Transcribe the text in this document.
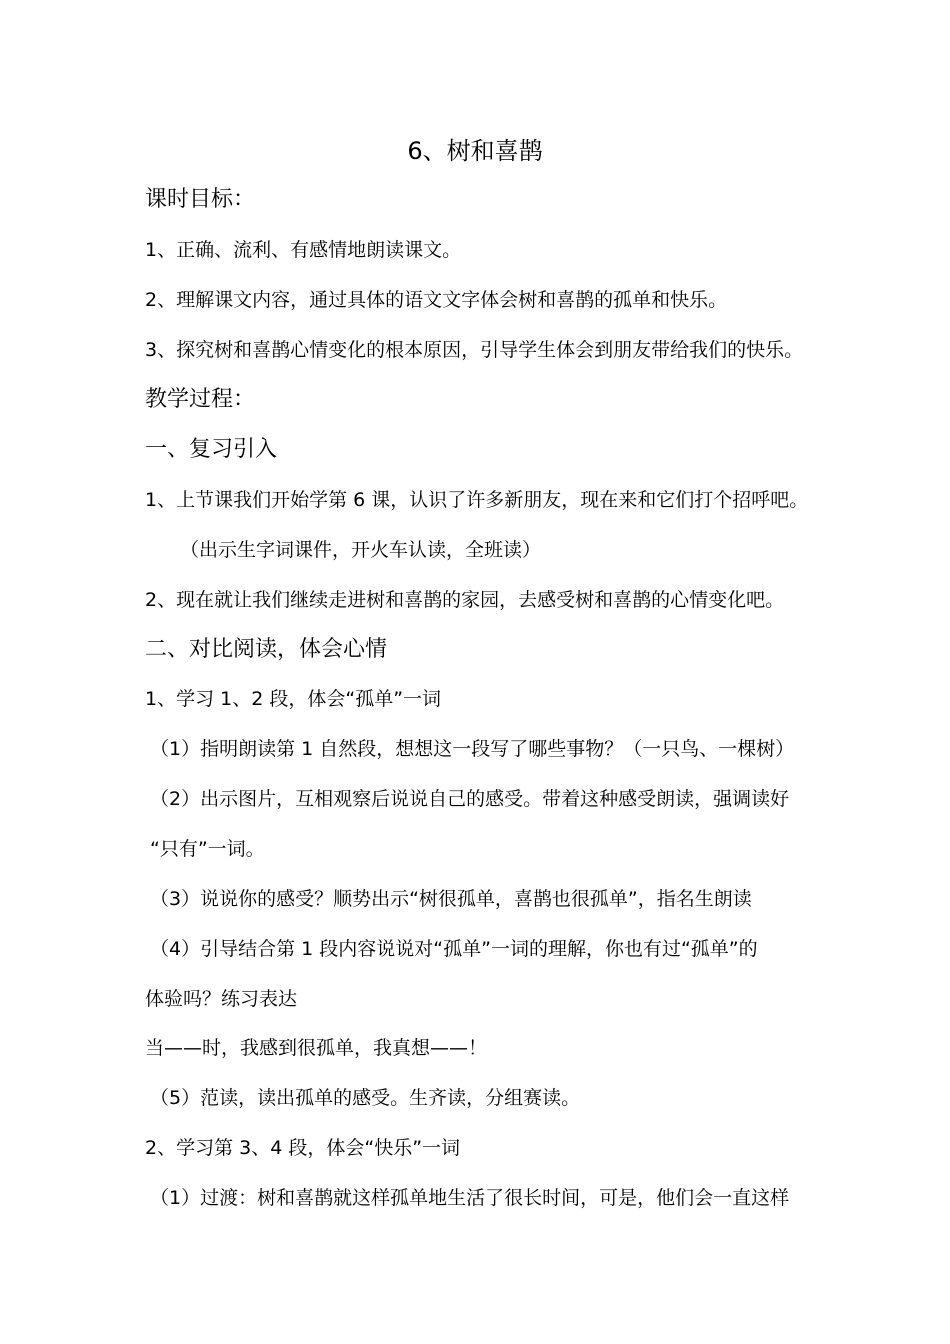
6、树和喜鹊
课时目标：
1、正确、流利、有感情地朗读课文。
2、理解课文内容，通过具体的语文文字体会树和喜鹊的孤单和快乐。
3、探究树和喜鹊心情变化的根本原因，引导学生体会到朋友带给我们的快乐。
教学过程：
一、复习引入
1、上节课我们开始学第 6 课，认识了许多新朋友，现在来和它们打个招呼吧。
（出示生字词课件，开火车认读，全班读）
2、现在就让我们继续走进树和喜鹊的家园，去感受树和喜鹊的心情变化吧。
二、对比阅读，体会心情
1、学习 1、2 段，体会“孤单”一词
（1）指明朗读第 1 自然段，想想这一段写了哪些事物？（一只鸟、一棵树）
（2）出示图片，互相观察后说说自己的感受。带着这种感受朗读，强调读好
“只有”一词。
（3）说说你的感受？顺势出示“树很孤单，喜鹊也很孤单”，指名生朗读
（4）引导结合第 1 段内容说说对“孤单”一词的理解，你也有过“孤单”的
体验吗？练习表达
当——时，我感到很孤单，我真想——！
（5）范读，读出孤单的感受。生齐读，分组赛读。
2、学习第 3、4 段，体会“快乐”一词
（1）过渡：树和喜鹊就这样孤单地生活了很长时间，可是，他们会一直这样
